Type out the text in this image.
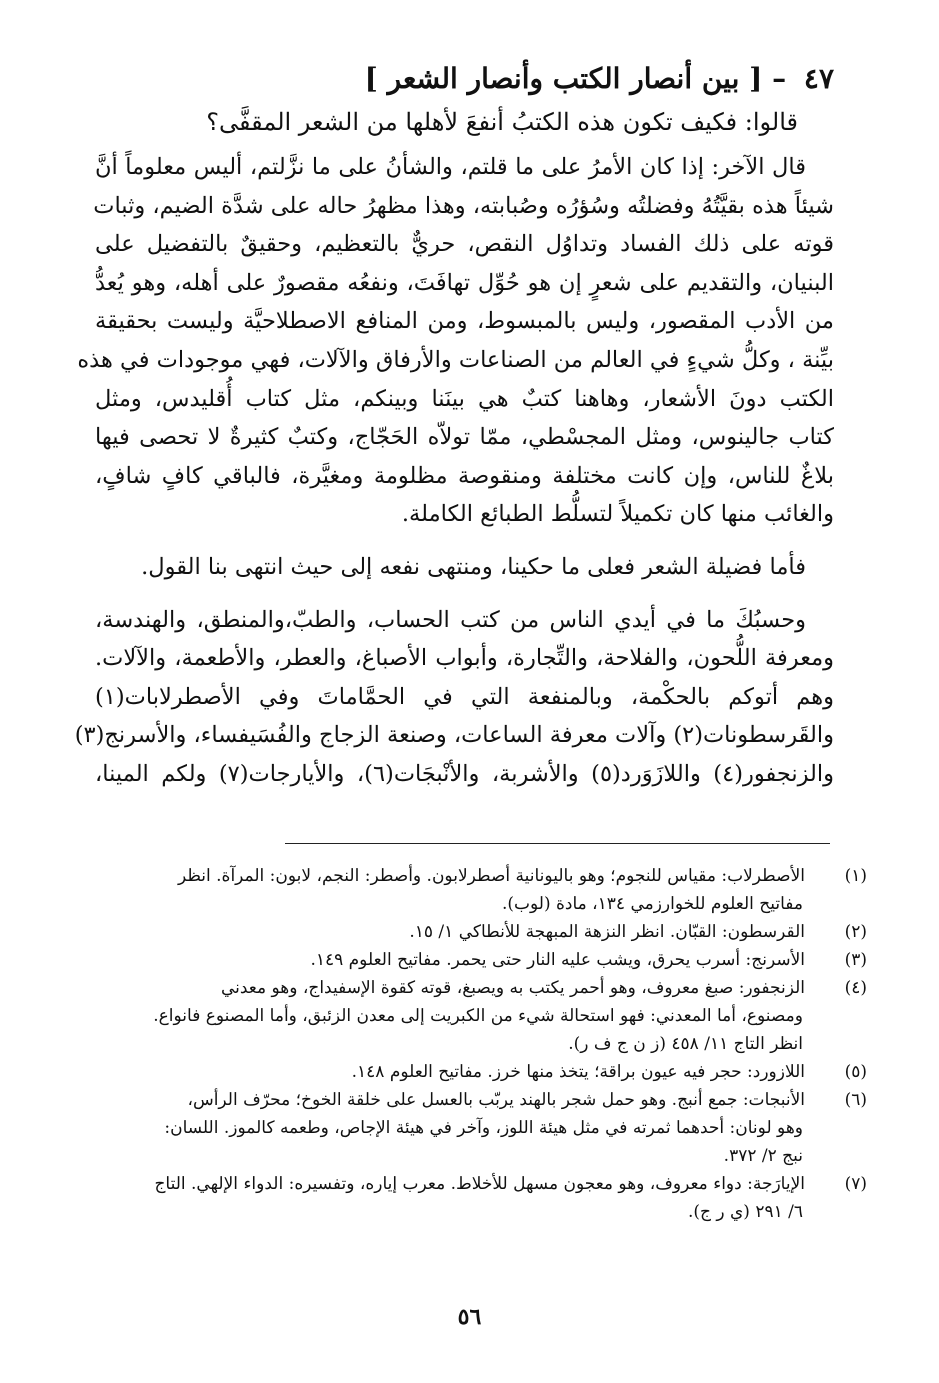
٤٧ – [ بين أنصار الكتب وأنصار الشعر ]
قالوا: فكيف تكون هذه الكتبُ أنفعَ لأهلها من الشعر المقفَّى؟
قال الآخر: إذا كان الأمرُ على ما قلتم، والشأنُ على ما نزَّلتم، أليس معلوماً أنَّ
شيئاً هذه بقيَّتُهُ وفضلتُه وسُؤرُه وصُبابته، وهذا مظهرُ حاله على شدَّة الضيم، وثبات
قوته على ذلك الفساد وتداوُل النقص، حريٌّ بالتعظيم، وحقيقٌ بالتفضيل على
البنيان، والتقديم على شعرٍ إن هو حُوِّل تهافَتَ، ونفعُه مقصورٌ على أهله، وهو يُعدُّ
من الأدب المقصور، وليس بالمبسوط، ومن المنافع الاصطلاحيَّة وليست بحقيقة
بيِّنة ، وكلُّ شيءٍ في العالم من الصناعات والأرفاق والآلات، فهي موجودات في هذه
الكتب دونَ الأشعار، وهاهنا كتبٌ هي بينَنا وبينكم، مثل كتاب أُقليدس، ومثل
كتاب جالينوس، ومثل المجسْطي، ممّا تولاّه الحَجّاج، وكتبٌ كثيرةٌ لا تحصى فيها
بلاغٌ للناس، وإن كانت مختلفة ومنقوصة مظلومة ومغيَّرة، فالباقي كافٍ شافٍ،
والغائب منها كان تكميلاً لتسلُّط الطبائع الكاملة.
فأما فضيلة الشعر فعلى ما حكينا، ومنتهى نفعه إلى حيث انتهى بنا القول.
وحسبُكَ ما في أيدي الناس من كتب الحساب، والطبّ،والمنطق، والهندسة،
ومعرفة اللُّحون، والفلاحة، والتِّجارة، وأبواب الأصباغ، والعطر، والأطعمة، والآلات.
وهم أتوكم بالحكْمة، وبالمنفعة التي في الحمَّاماتَ وفي الأصطرلابات(١)
والقَرسطونات(٢) وآلات معرفة الساعات، وصنعة الزجاج والفُسَيفساء، والأسرنج(٣)
والزنجفور(٤) واللازَوَرد(٥) والأشربة، والأنْبجَات(٦)، والأيارجات(٧) ولكم المينا،
(١)الأصطرلاب: مقياس للنجوم؛ وهو باليونانية أصطرلابون. وأصطر: النجم، لابون: المرآة. انظر
مفاتيح العلوم للخوارزمي ١٣٤، مادة (لوب).
(٢)القرسطون: القبّان. انظر النزهة المبهجة للأنطاكي ١/ ١٥.
(٣)الأسرنج: أسرب يحرق، ويشب عليه النار حتى يحمر. مفاتيح العلوم ١٤٩.
(٤)الزنجفور: صبغ معروف، وهو أحمر يكتب به ويصبغ، قوته كقوة الإسفيداج، وهو معدني
ومصنوع، أما المعدني: فهو استحالة شيء من الكبريت إلى معدن الزئبق، وأما المصنوع فانواع.
انظر التاج ١١/ ٤٥٨ (ز ن ج ف ر).
(٥)اللازورد: حجر فيه عيون براقة؛ يتخذ منها خرز. مفاتيح العلوم ١٤٨.
(٦)الأنبجات: جمع أنبج. وهو حمل شجر بالهند يربّب بالعسل على خلقة الخوخ؛ محرّف الرأس،
وهو لونان: أحدهما ثمرته في مثل هيئة اللوز، وآخر في هيئة الإجاص، وطعمه كالموز. اللسان:
نبج ٢/ ٣٧٢.
(٧)الإيارَجة: دواء معروف، وهو معجون مسهل للأخلاط. معرب إياره، وتفسيره: الدواء الإلهي. التاج
٦/ ٢٩١ (ي ر ج).
٥٦
